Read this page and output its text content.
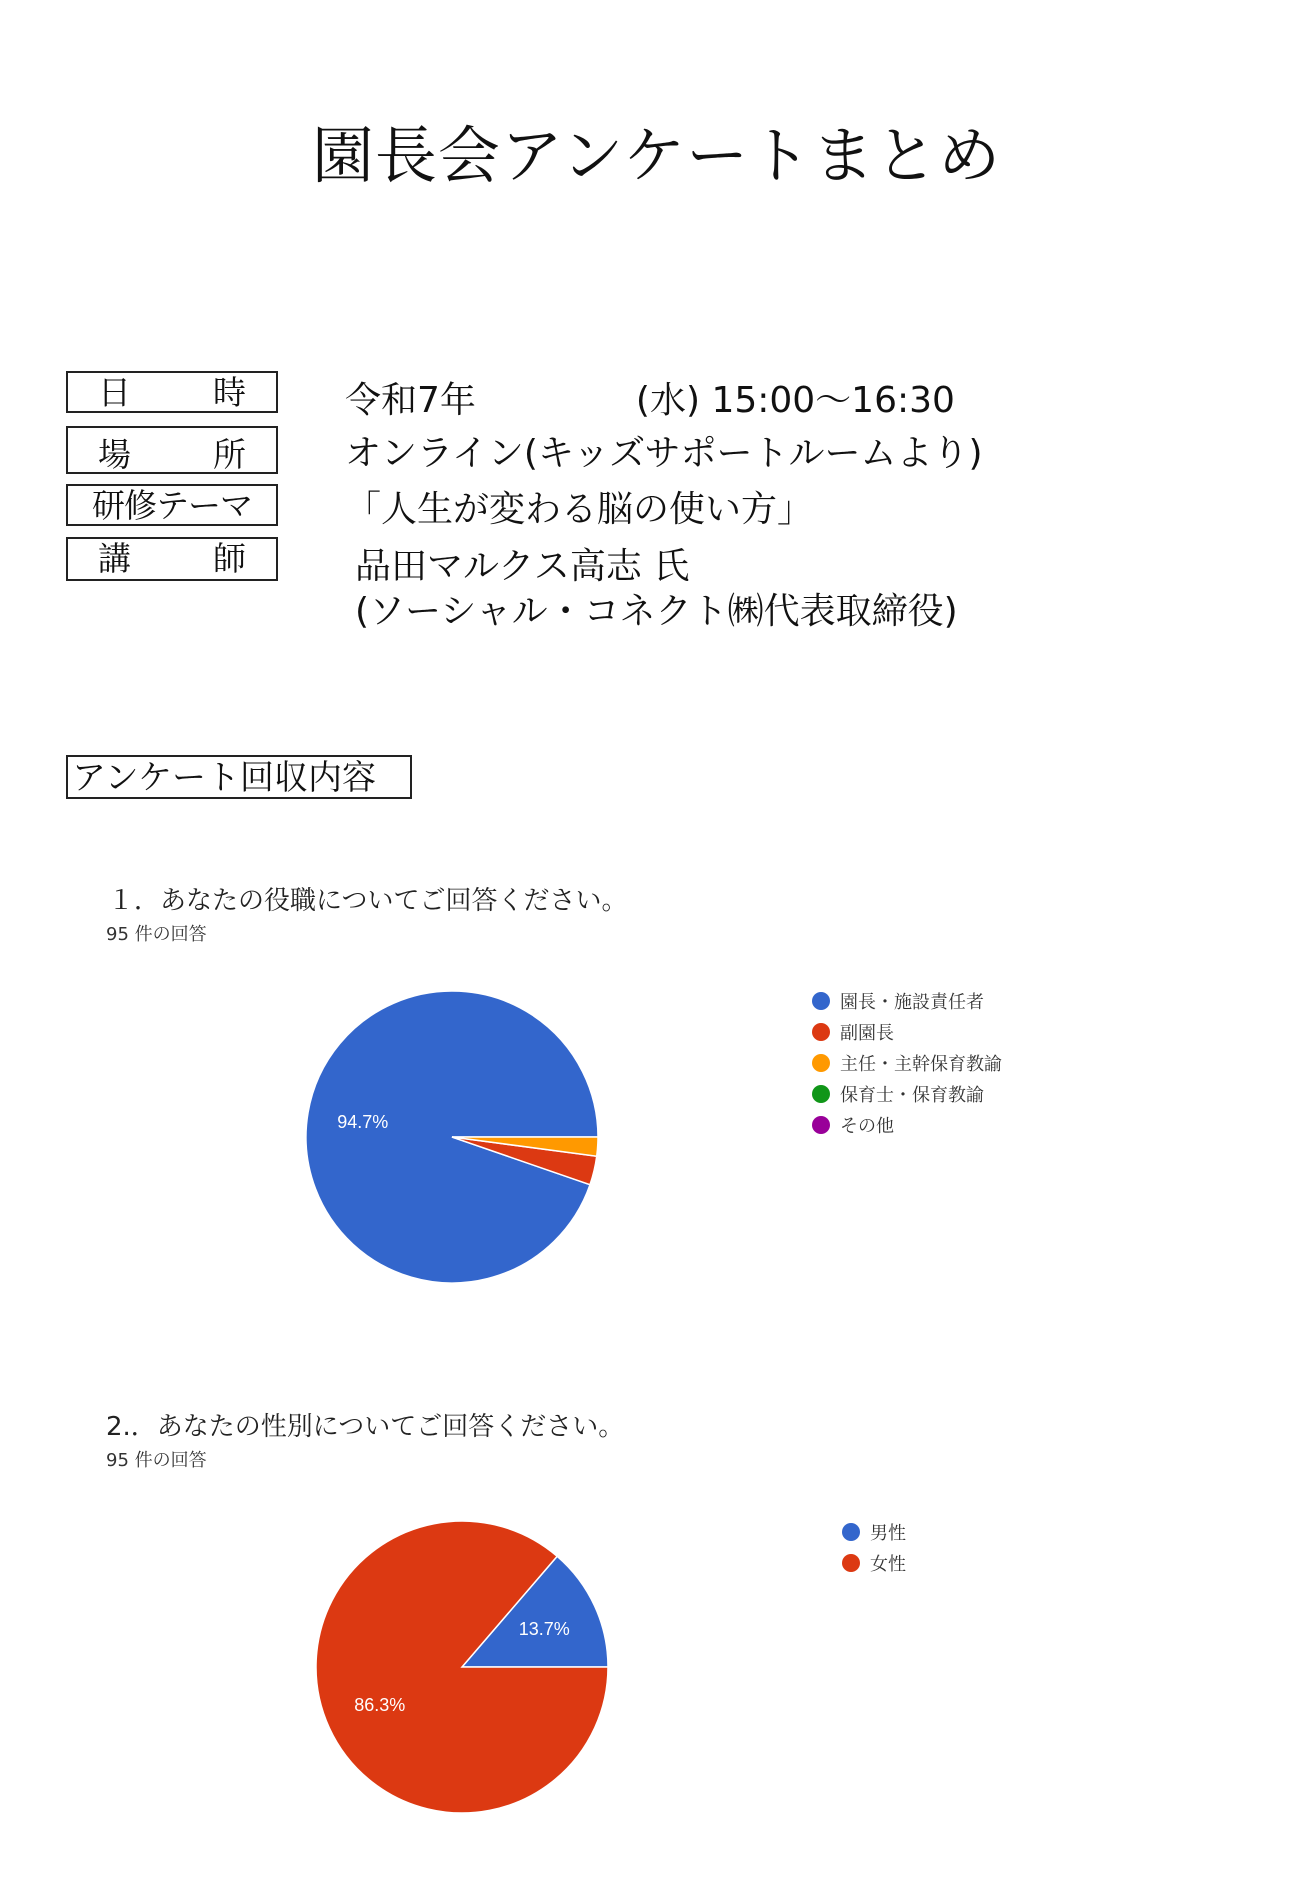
園長会アンケートまとめ
日 時	令和7年	(水) 15:00～16:30
場 所	オンライン(キッズサポートルームより)
研修テーマ	「人生が変わる脳の使い方」
講 師	品田マルクス高志 氏
(ソーシャル・コネクト㈱代表取締役)
アンケート回収内容
１．あなたの役職についてご回答ください。
95 件の回答
94.7%
園長・施設責任者
副園長
主任・主幹保育教諭
保育士・保育教諭
その他
2.．あなたの性別についてご回答ください。
95 件の回答
13.7%
86.3%
男性
女性
